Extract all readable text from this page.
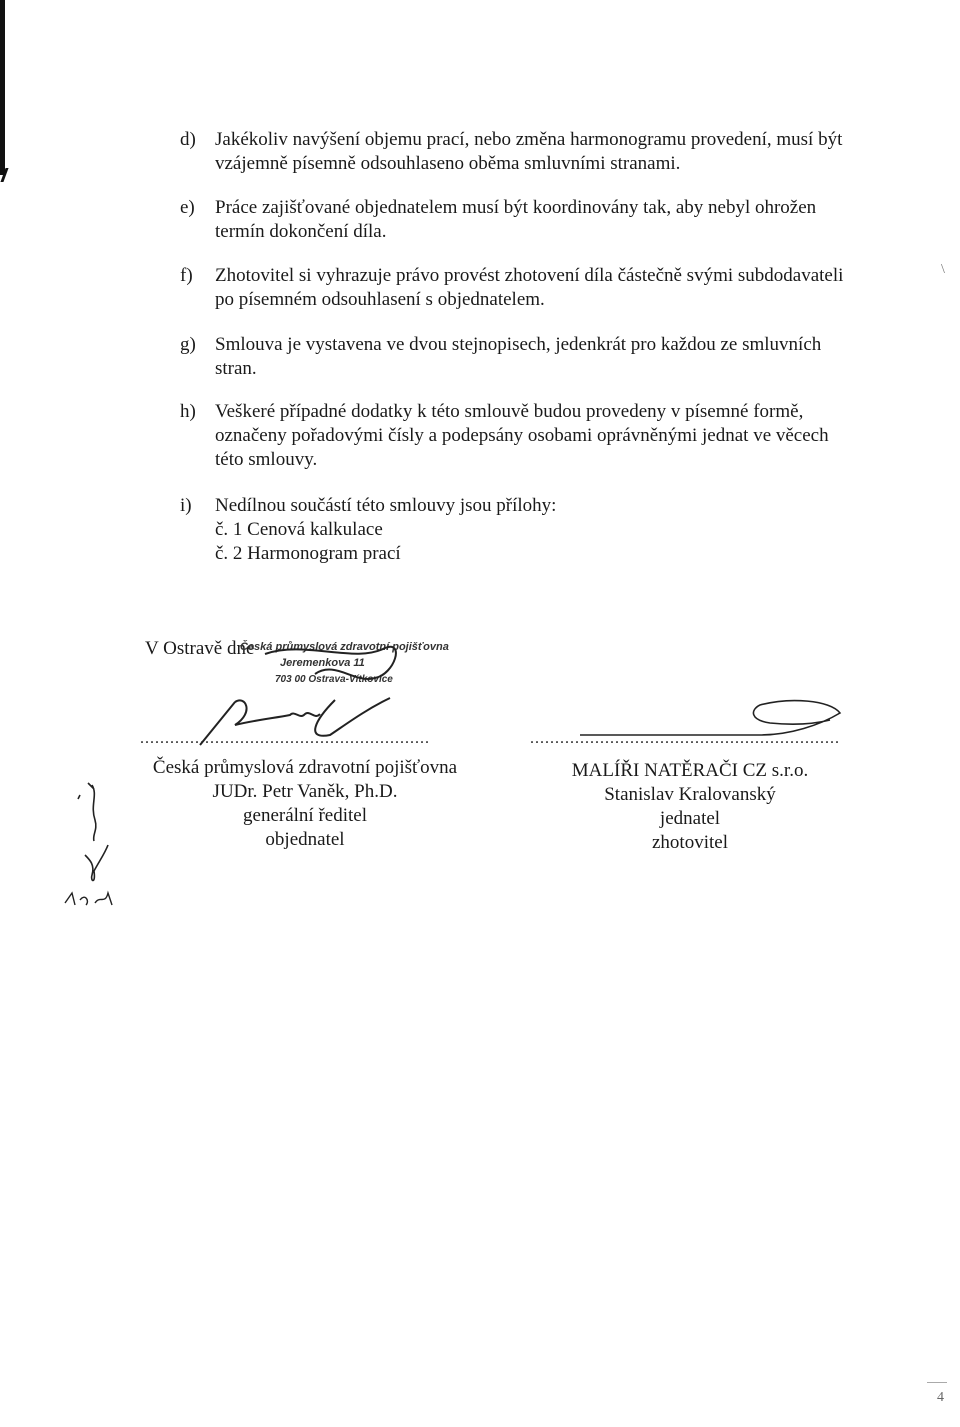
\
d)	Jakékoliv navýšení objemu prací, nebo změna harmonogramu provedení, musí být
vzájemně písemně odsouhlaseno oběma smluvními stranami.
e)	Práce zajišťované objednatelem musí být koordinovány tak, aby nebyl ohrožen
termín dokončení díla.
f)	Zhotovitel si vyhrazuje právo provést zhotovení díla částečně svými subdodavateli
po písemném odsouhlasení s objednatelem.
g)	Smlouva je vystavena ve dvou stejnopisech, jedenkrát pro každou ze smluvních
stran.
h)	Veškeré případné dodatky k této smlouvě budou provedeny v písemné formě,
označeny pořadovými čísly a podepsány osobami oprávněnými jednat ve věcech
této smlouvy.
i)	Nedílnou součástí této smlouvy jsou přílohy:
č. 1 Cenová kalkulace
č. 2 Harmonogram prací
V Ostravě dne
Česká průmyslová zdravotní pojišťovna
Jeremenkova 11
703 00 Ostrava-Vítkovice
..........................................................	..............................................................
Česká průmyslová zdravotní pojišťovna
JUDr. Petr Vaněk, Ph.D.
generální ředitel
objednatel
MALÍŘI NATĚRAČI CZ s.r.o.
Stanislav Kralovanský
jednatel
zhotovitel
4
